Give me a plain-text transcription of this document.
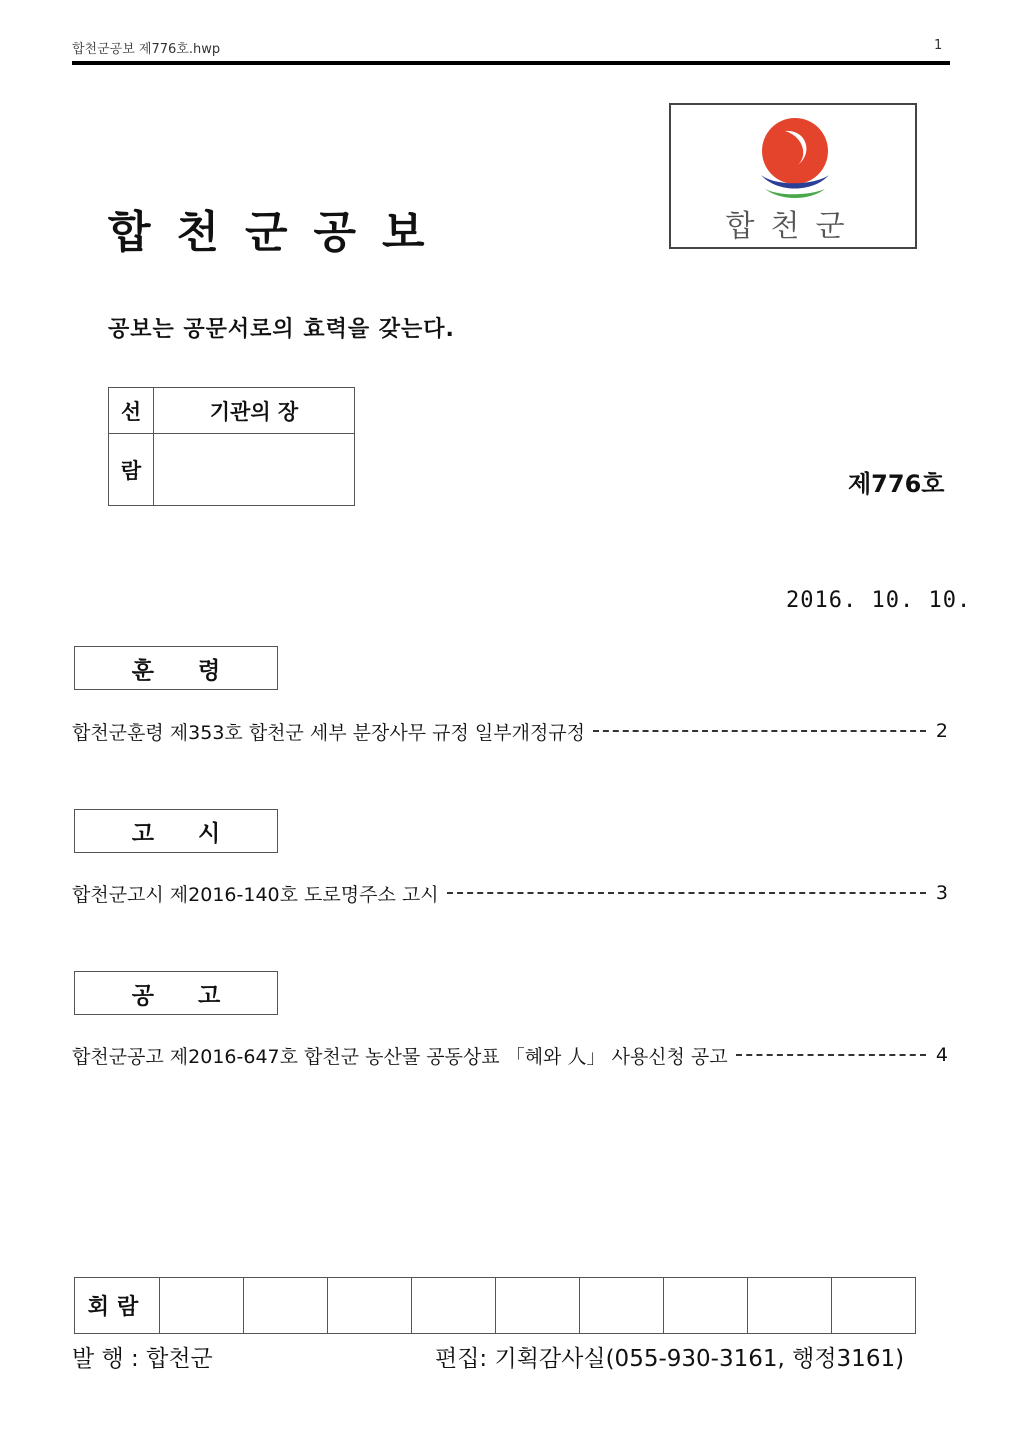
합천군공보 제776호.hwp	1
합천군공보	합천군
공보는 공문서로의 효력을 갖는다.
선	기관의 장
람		제776호
2016. 10. 10.
훈 령
합천군훈령 제353호 합천군 세부 분장사무 규정 일부개정규정	2
고 시
합천군고시 제2016-140호 도로명주소 고시	3
공 고
합천군공고 제2016-647호 합천군 농산물 공동상표 「혜와 人」 사용신청 공고	4
회람									
발 행 : 합천군	편집: 기획감사실(055-930-3161, 행정3161)
